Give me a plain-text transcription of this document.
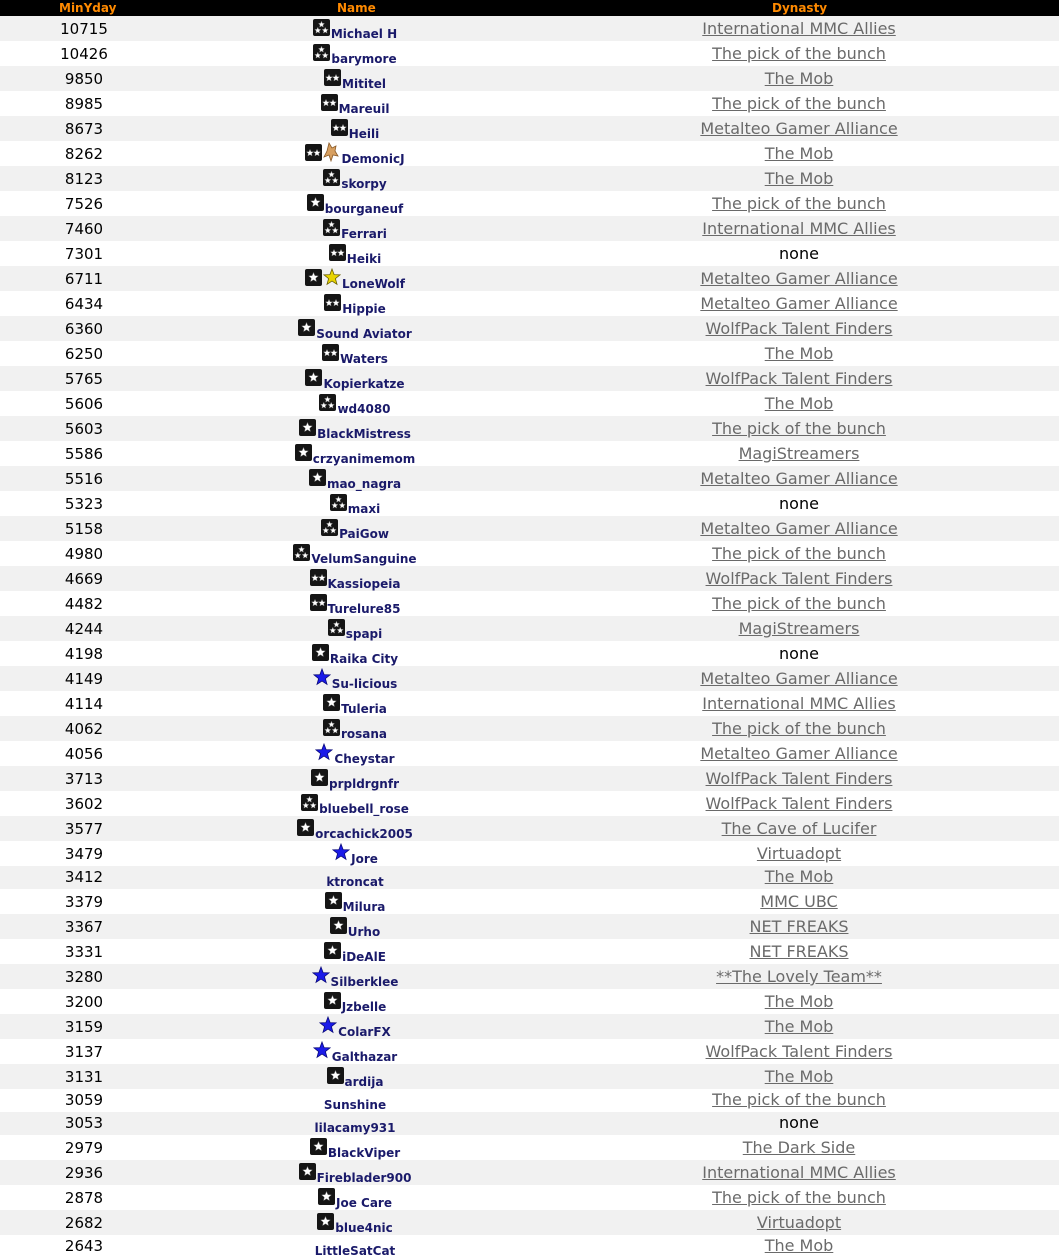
MinYday	Name	Dynasty
10715	Michael H	International MMC Allies
10426	barymore	The pick of the bunch
9850	Mititel	The Mob
8985	Mareuil	The pick of the bunch
8673	Heili	Metalteo Gamer Alliance
8262	DemonicJ	The Mob
8123	skorpy	The Mob
7526	bourganeuf	The pick of the bunch
7460	Ferrari	International MMC Allies
7301	Heiki	none
6711	LoneWolf	Metalteo Gamer Alliance
6434	Hippie	Metalteo Gamer Alliance
6360	Sound Aviator	WolfPack Talent Finders
6250	Waters	The Mob
5765	Kopierkatze	WolfPack Talent Finders
5606	wd4080	The Mob
5603	BlackMistress	The pick of the bunch
5586	crzyanimemom	MagiStreamers
5516	mao_nagra	Metalteo Gamer Alliance
5323	maxi	none
5158	PaiGow	Metalteo Gamer Alliance
4980	VelumSanguine	The pick of the bunch
4669	Kassiopeia	WolfPack Talent Finders
4482	Turelure85	The pick of the bunch
4244	spapi	MagiStreamers
4198	Raika City	none
4149	Su-licious	Metalteo Gamer Alliance
4114	Tuleria	International MMC Allies
4062	rosana	The pick of the bunch
4056	Cheystar	Metalteo Gamer Alliance
3713	prpldrgnfr	WolfPack Talent Finders
3602	bluebell_rose	WolfPack Talent Finders
3577	orcachick2005	The Cave of Lucifer
3479	Jore	Virtuadopt
3412	ktroncat	The Mob
3379	Milura	MMC UBC
3367	Urho	NET FREAKS
3331	iDeAlE	NET FREAKS
3280	Silberklee	**The Lovely Team**
3200	Jzbelle	The Mob
3159	ColarFX	The Mob
3137	Galthazar	WolfPack Talent Finders
3131	ardija	The Mob
3059	Sunshine	The pick of the bunch
3053	lilacamy931	none
2979	BlackViper	The Dark Side
2936	Fireblader900	International MMC Allies
2878	Joe Care	The pick of the bunch
2682	blue4nic	Virtuadopt
2643	LittleSatCat	The Mob
